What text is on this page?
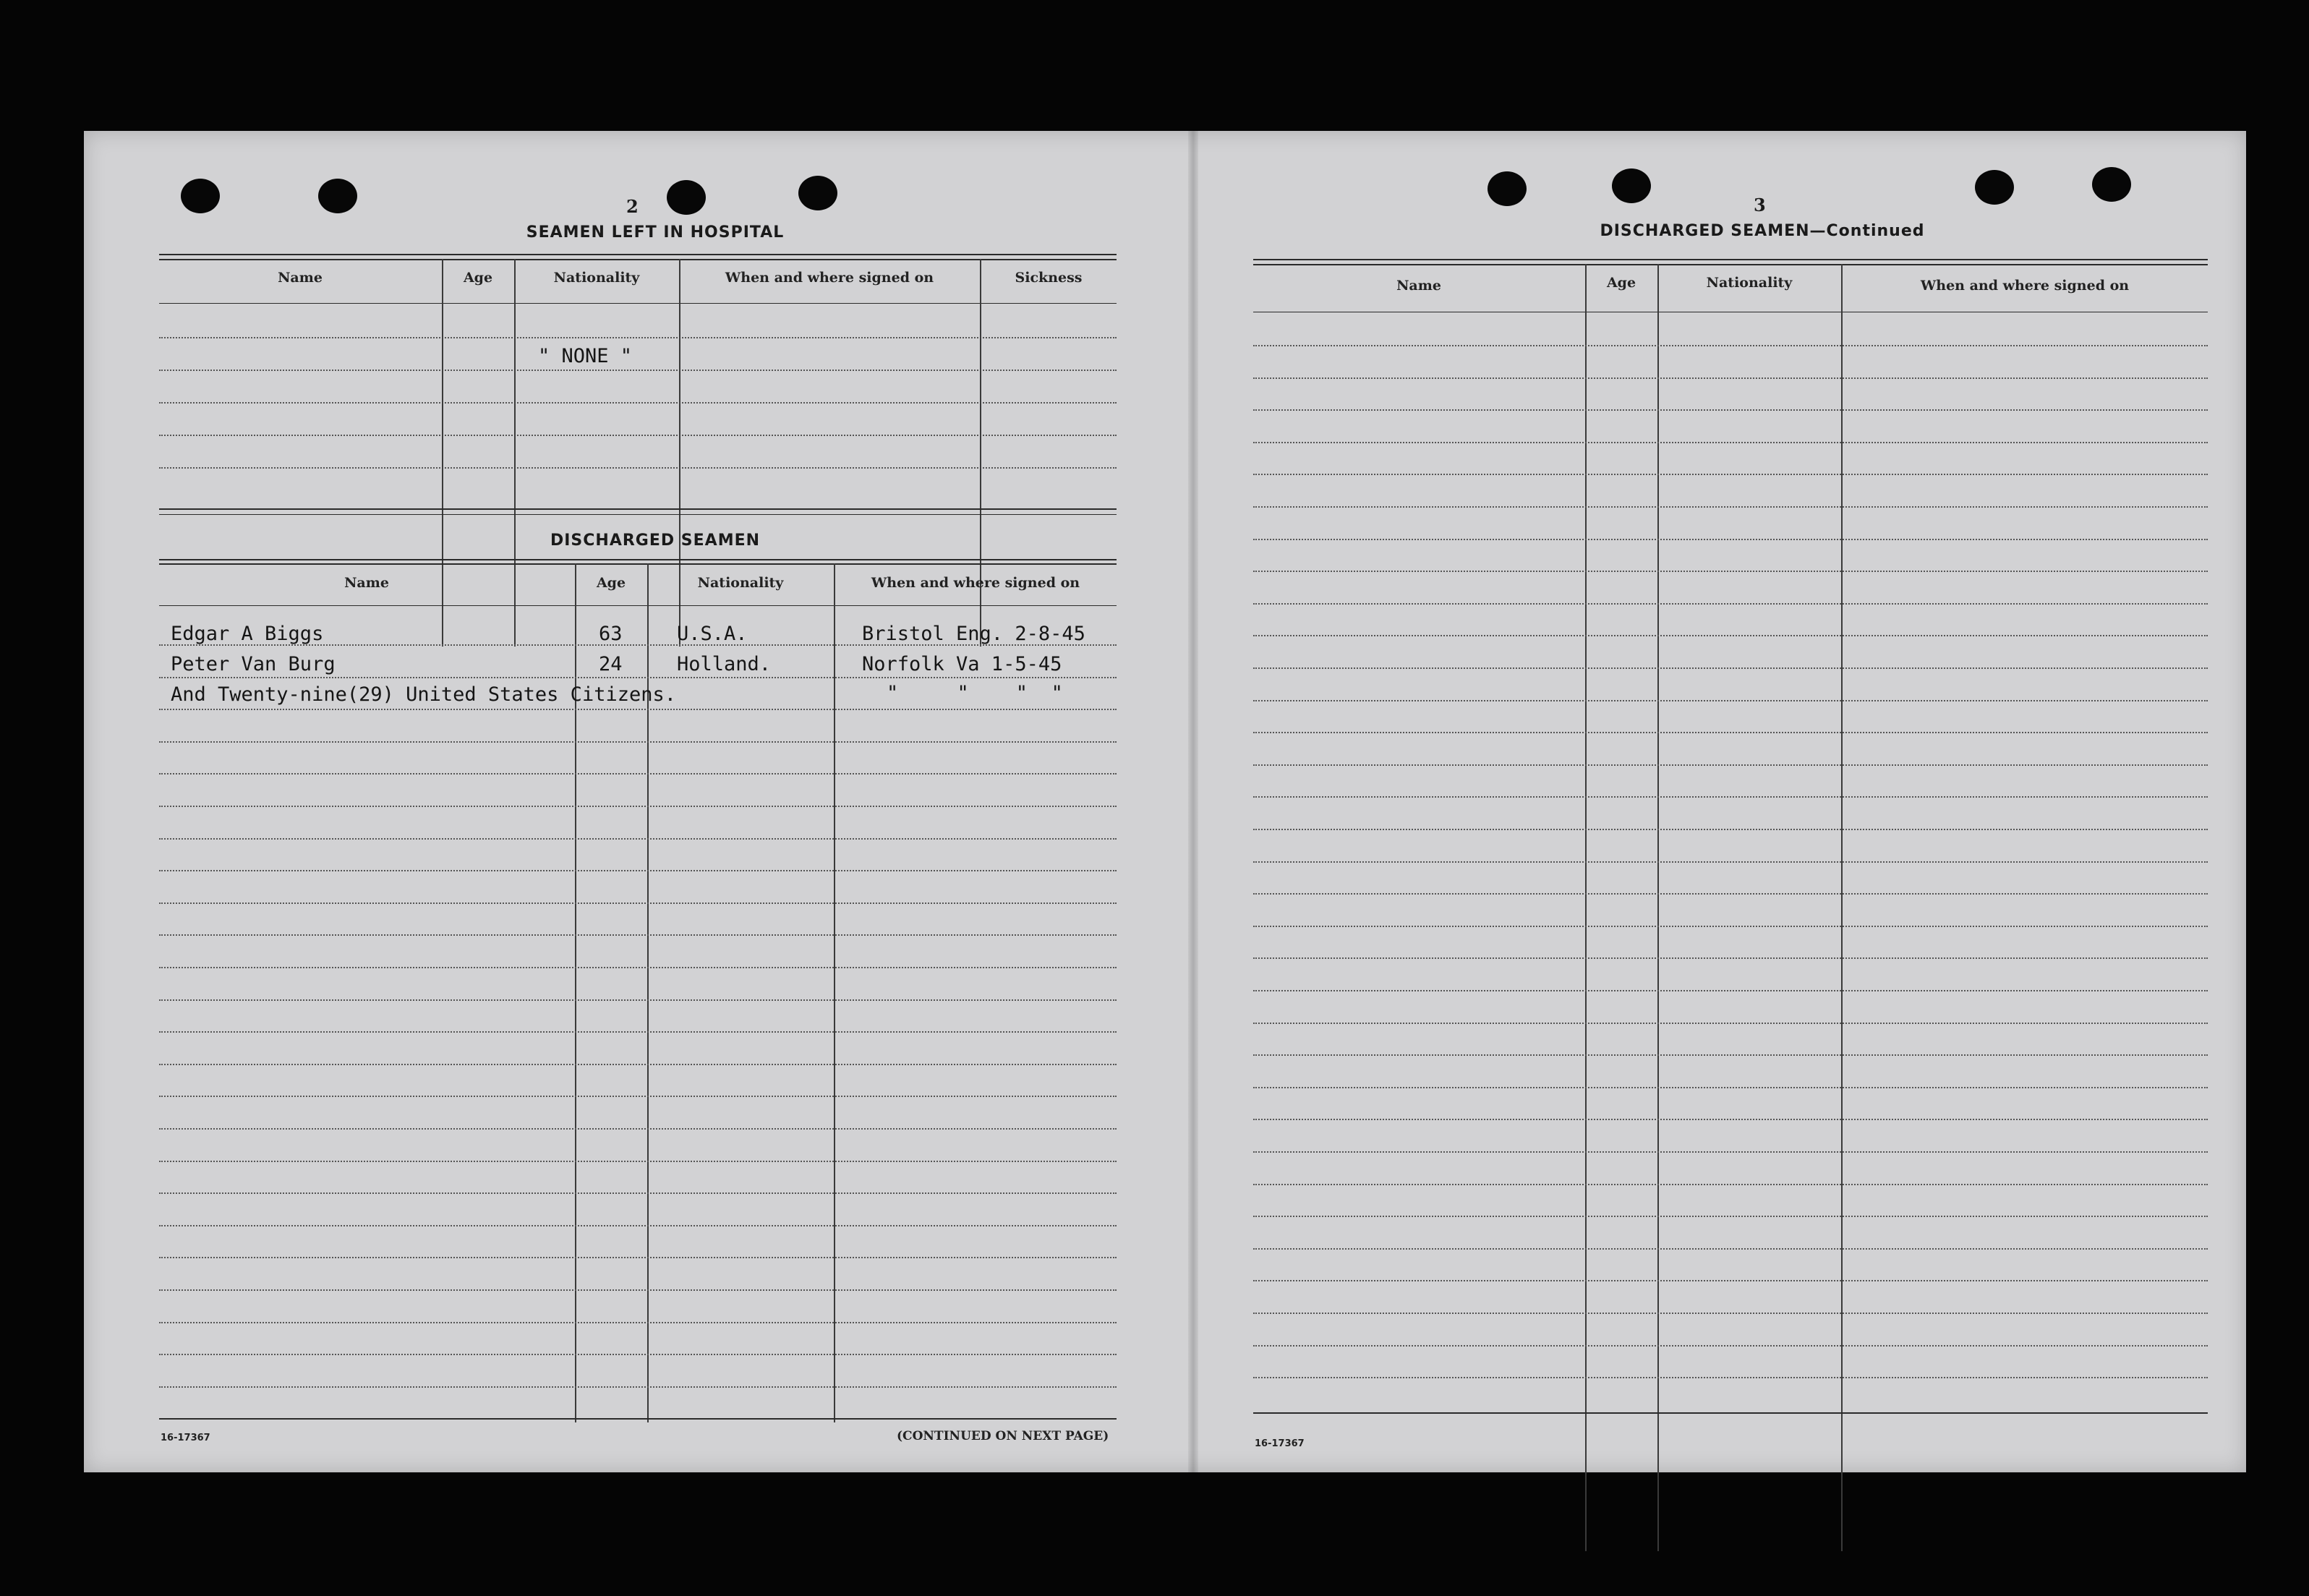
2
SEAMEN LEFT IN HOSPITAL
Name	Age	Nationality	When and where signed on	Sickness
" NONE "
DISCHARGED SEAMEN
Name	Age	Nationality	When and where signed on
Edgar A Biggs	63	U.S.A.	Bristol Eng. 2-8-45
Peter Van Burg	24	Holland.	Norfolk Va 1-5-45
And Twenty-nine(29) United States Citizens.	"     "    "  "
16-17367	(CONTINUED ON NEXT PAGE)
3
DISCHARGED SEAMEN—Continued
Name	Age	Nationality	When and where signed on
16-17367
